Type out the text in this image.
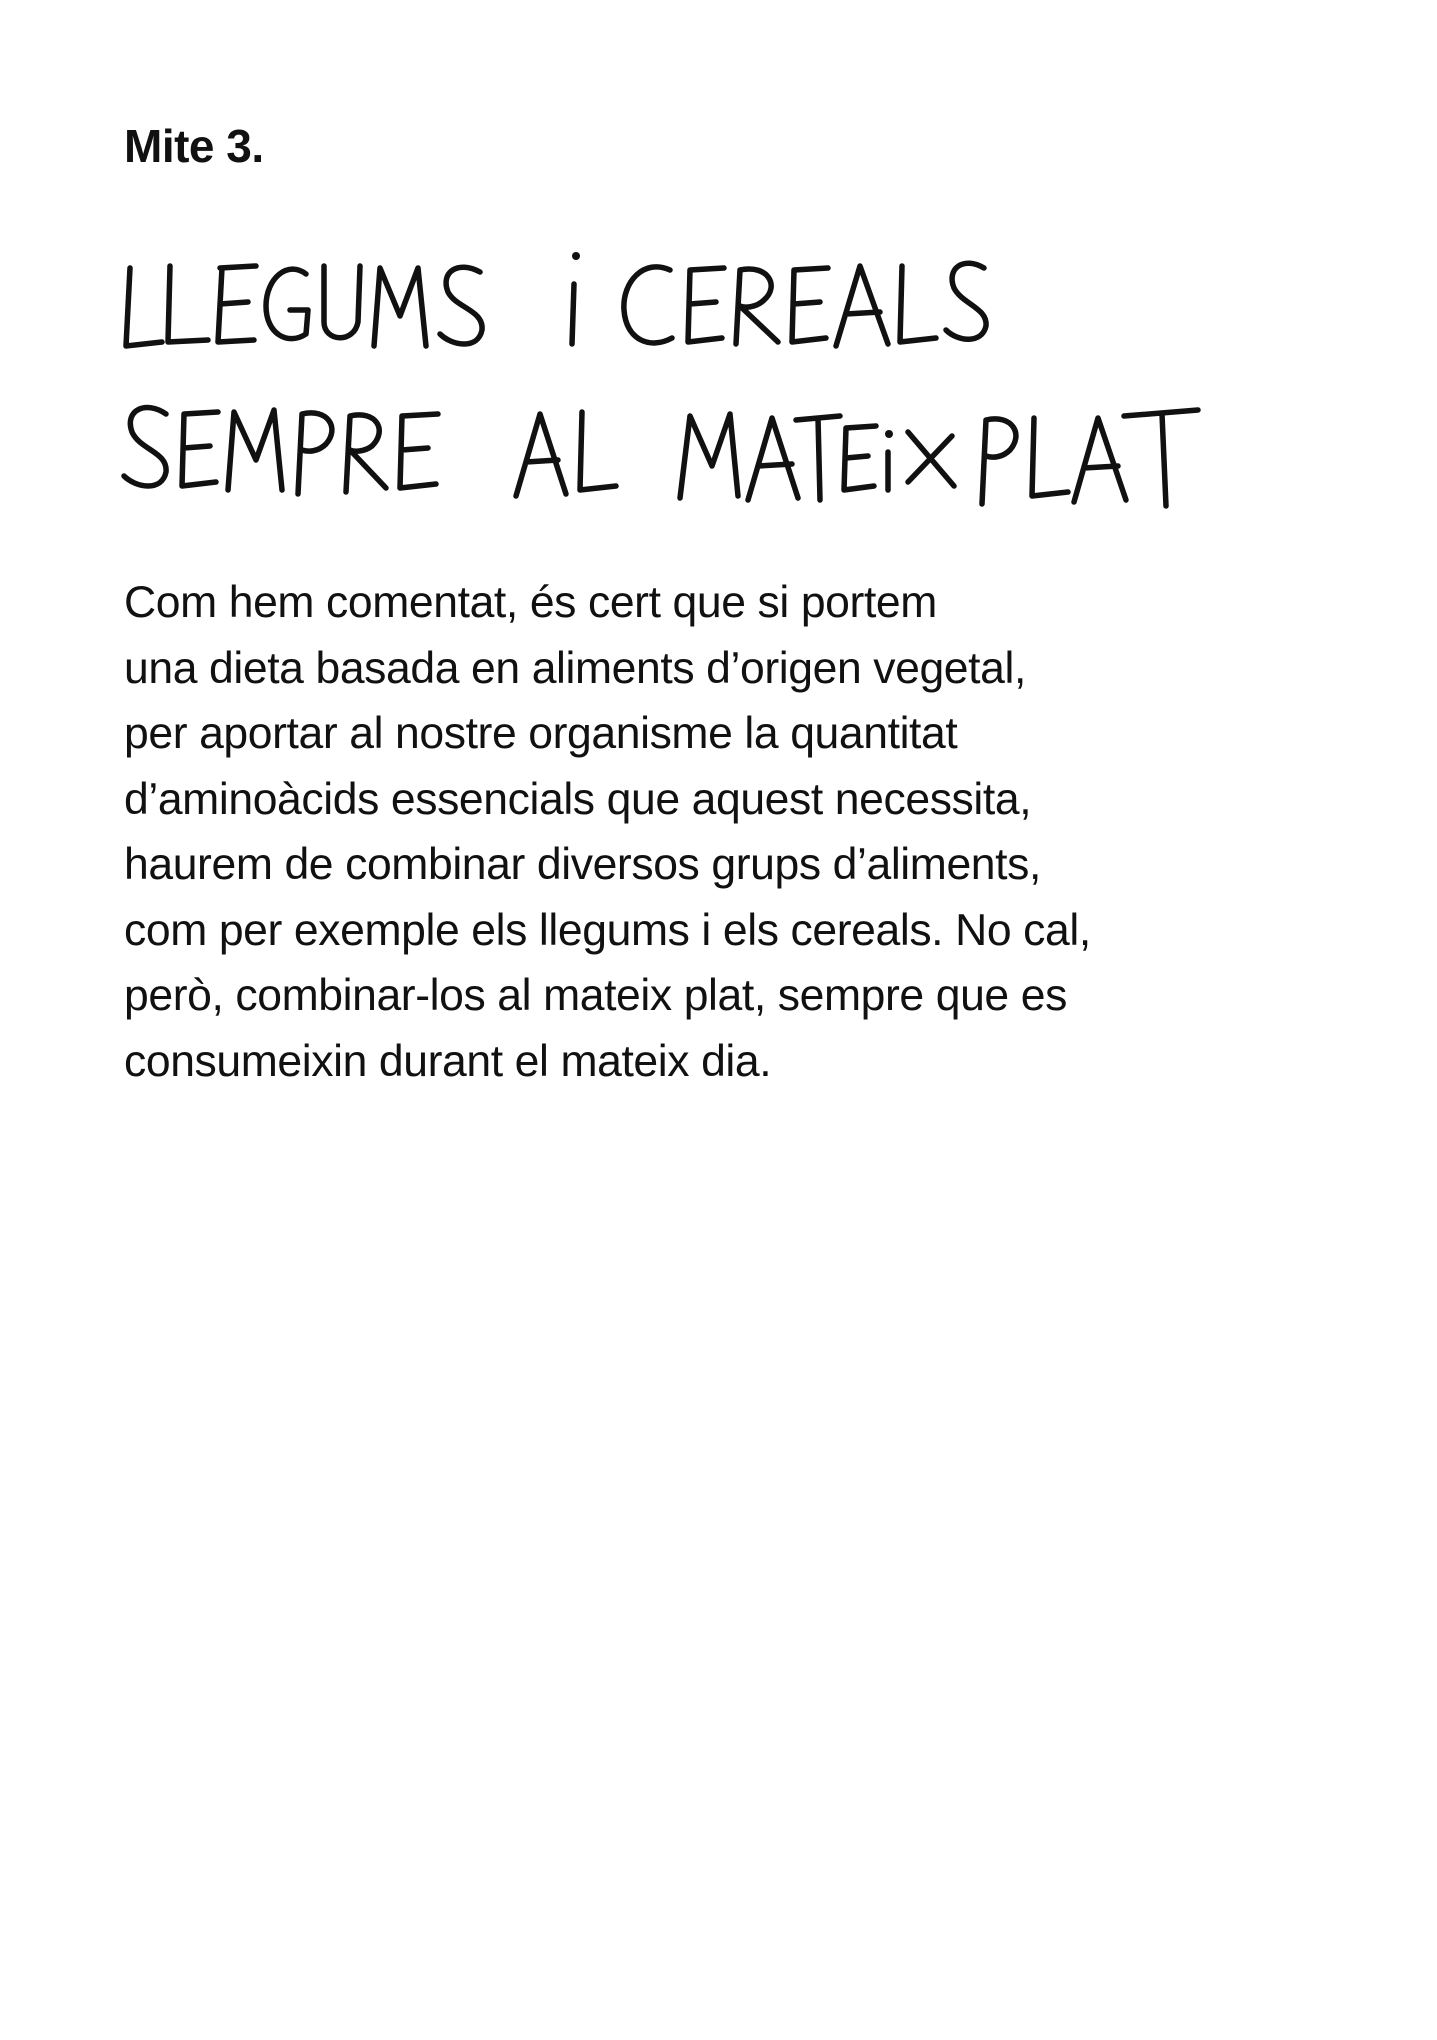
Mite 3.

Com hem comentat, és cert que si portem
una dieta basada en aliments d’origen vegetal,
per aportar al nostre organisme la quantitat
d’aminoàcids essencials que aquest necessita,
haurem de combinar diversos grups d’aliments,
com per exemple els llegums i els cereals. No cal,
però, combinar-los al mateix plat, sempre que es
consumeixin durant el mateix dia.
